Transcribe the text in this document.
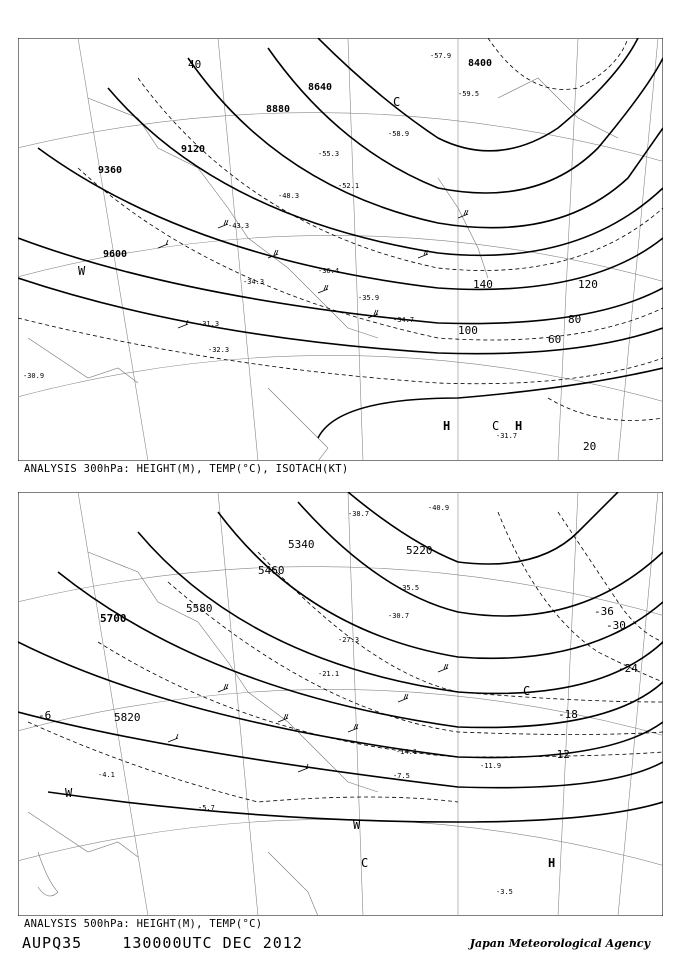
8400
8640
8880
9120
9360
9600
20
40
60
80
100
120
140
H	H
C
C
W
-57.9
-59.5
-58.9
-55.3
-52.1
-48.3
-43.3
-36.4
-34.3
-35.9
-34.7
-31.3
-32.3
-30.9
-31.7
ANALYSIS 300hPa: HEIGHT(M), TEMP(°C), ISOTACH(KT)
5220
5340
5460
5580
5700
5820
-36
-30
-24
-18
-12
-6
H
C
C
W
W
-40.9
-38.7
-35.5
-30.7
-27.3
-21.1
-14.1
-11.9
-7.5
-5.7
-4.1
-3.5
ANALYSIS 500hPa: HEIGHT(M), TEMP(°C)
AUPQ35	130000UTC DEC 2012	Japan Meteorological Agency
